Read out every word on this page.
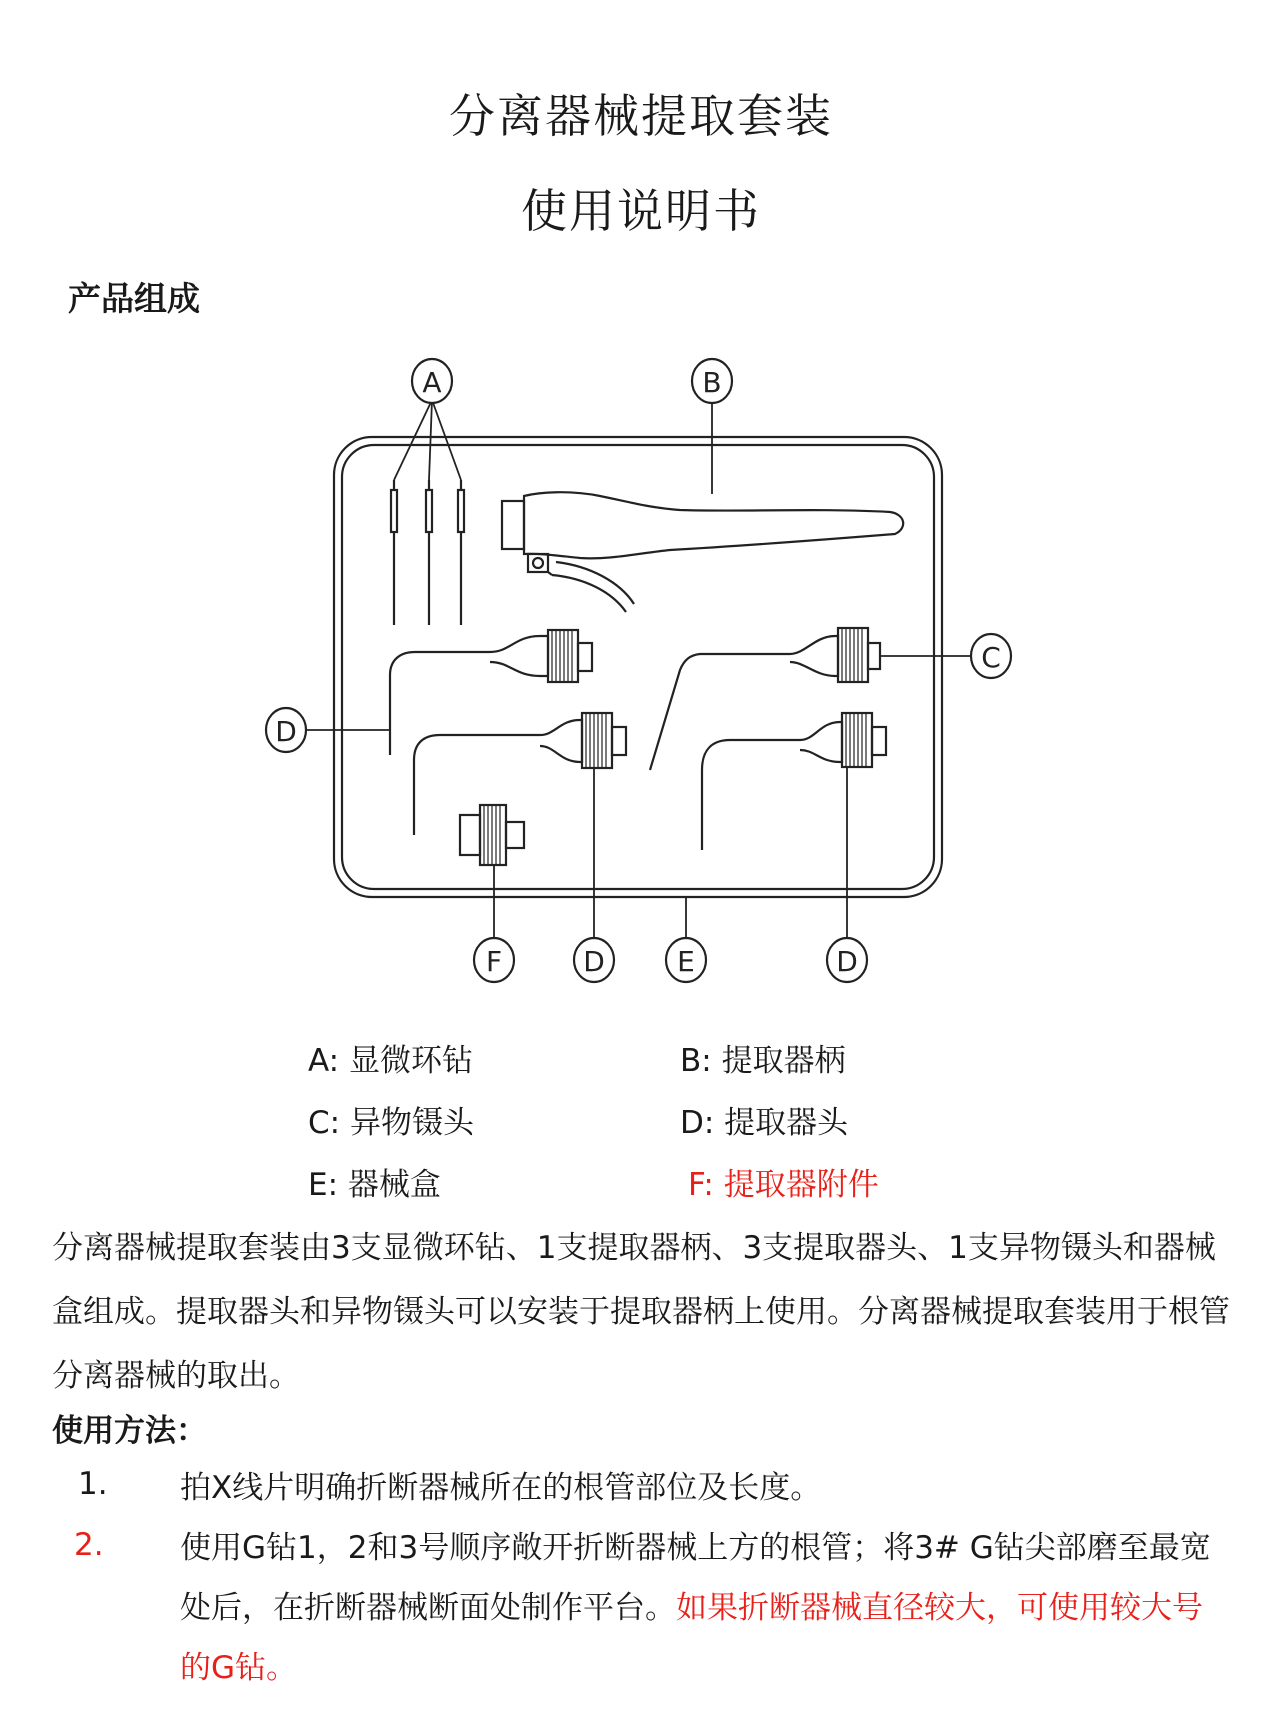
分离器械提取套装
使用说明书
产品组成
A	B
C
D
F	D	E	D
A: 显微环钻	B: 提取器柄
C: 异物镊头	D: 提取器头
E: 器械盒	F: 提取器附件
分离器械提取套装由3支显微环钻、1支提取器柄、3支提取器头、1支异物镊头和器械盒组成。提取器头和异物镊头可以安装于提取器柄上使用。分离器械提取套装用于根管分离器械的取出。
使用方法：
1. 拍X线片明确折断器械所在的根管部位及长度。
2. 使用G钻1，2和3号顺序敞开折断器械上方的根管；将3# G钻尖部磨至最宽处后，在折断器械断面处制作平台。如果折断器械直径较大，可使用较大号的G钻。
